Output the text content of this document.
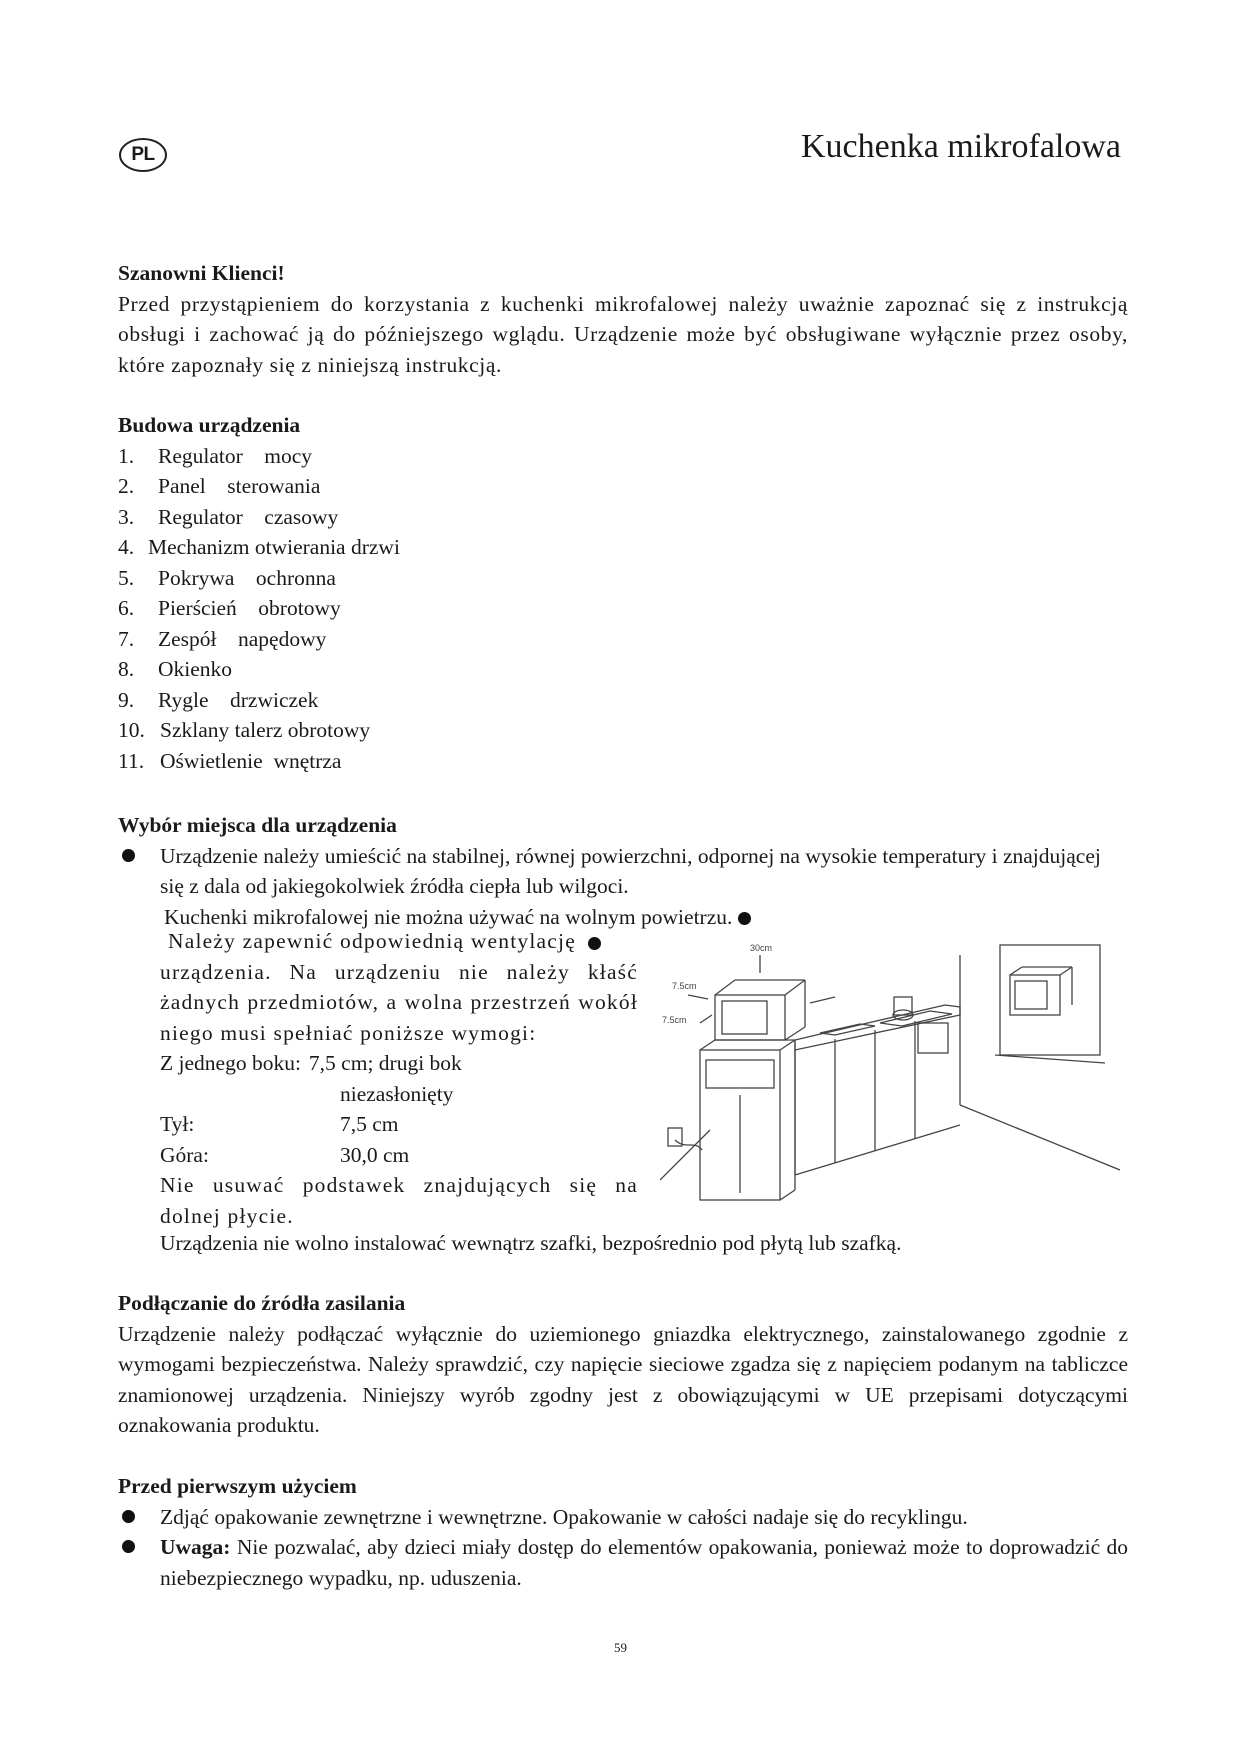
PL	Kuchenka mikrofalowa
Szanowni Klienci!
Przed przystąpieniem do korzystania z kuchenki mikrofalowej należy uważnie zapoznać się z instrukcją obsługi i zachować ją do późniejszego wglądu. Urządzenie może być obsługiwane wyłącznie przez osoby, które zapoznały się z niniejszą instrukcją.
Budowa urządzenia
1. Regulator    mocy
2. Panel    sterowania
3. Regulator    czasowy
4. Mechanizm otwierania drzwi
5. Pokrywa    ochronna
6. Pierścień    obrotowy
7. Zespół    napędowy
8. Okienko
9. Rygle    drzwiczek
10. Szklany talerz obrotowy
11. Oświetlenie  wnętrza
Wybór miejsca dla urządzenia
Urządzenie należy umieścić na stabilnej, równej powierzchni, odpornej na wysokie temperatury i znajdującej się z dala od jakiegokolwiek źródła ciepła lub wilgoci.
Kuchenki mikrofalowej nie można używać na wolnym powietrzu.
Należy zapewnić odpowiednią wentylację
urządzenia. Na urządzeniu nie należy kłaść żadnych przedmiotów, a wolna przestrzeń wokół niego musi spełniać poniższe wymogi:
Z jednego boku: 7,5 cm; drugi bok
niezasłonięty
Tył:	7,5 cm
Góra:	30,0 cm
Nie usuwać podstawek znajdujących się na dolnej płycie.
Urządzenia nie wolno instalować wewnątrz szafki, bezpośrednio pod płytą lub szafką.
30cm
7.5cm
7.5cm
Podłączanie do źródła zasilania
Urządzenie należy podłączać wyłącznie do uziemionego gniazdka elektrycznego, zainstalowanego zgodnie z wymogami bezpieczeństwa. Należy sprawdzić, czy napięcie sieciowe zgadza się z napięciem podanym na tabliczce znamionowej urządzenia. Niniejszy wyrób zgodny jest z obowiązującymi w UE przepisami dotyczącymi oznakowania produktu.
Przed pierwszym użyciem
Zdjąć opakowanie zewnętrzne i wewnętrzne. Opakowanie w całości nadaje się do recyklingu.
Uwaga: Nie pozwalać, aby dzieci miały dostęp do elementów opakowania, ponieważ może to doprowadzić do niebezpiecznego wypadku, np. uduszenia.
59
